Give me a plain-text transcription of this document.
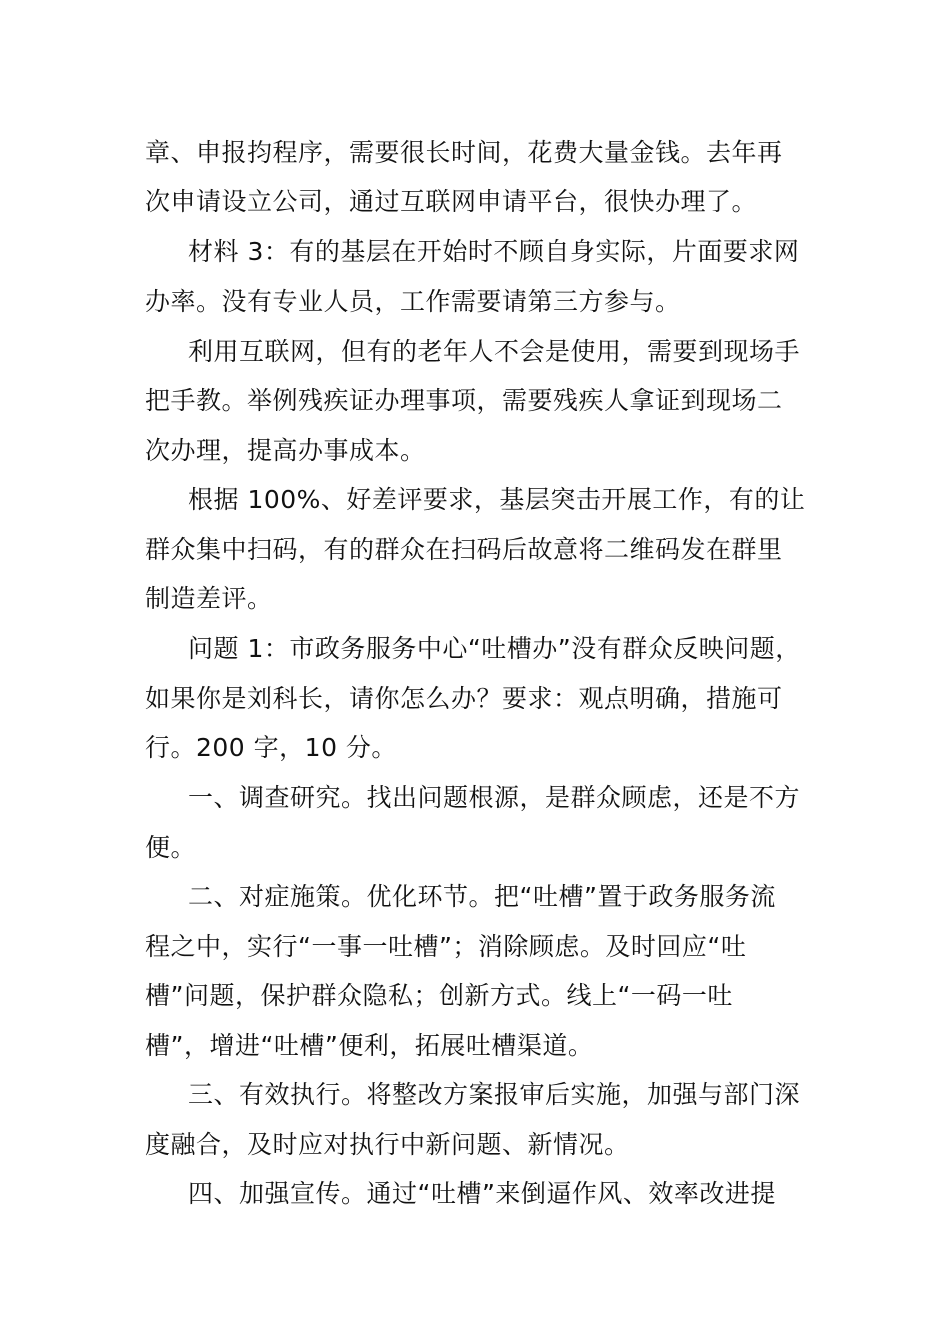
章、申报抣程序，需要很长时间，花费大量金钱。去年再
次申请设立公司，通过互联网申请平台，很快办理了。
材料 3：有的基层在开始时不顾自身实际，片面要求网
办率。没有专业人员，工作需要请第三方参与。
利用互联网，但有的老年人不会是使用，需要到现场手
把手教。举例残疾证办理事项，需要残疾人拿证到现场二
次办理，提高办事成本。
根据 100%、好差评要求，基层突击开展工作，有的让
群众集中扫码，有的群众在扫码后故意将二维码发在群里
制造差评。
问题 1：市政务服务中心“吐槽办”没有群众反映问题，
如果你是刘科长，请你怎么办？要求：观点明确，措施可
行。200 字，10 分。
一、调查研究。找出问题根源，是群众顾虑，还是不方
便。
二、对症施策。优化环节。把“吐槽”置于政务服务流
程之中，实行“一事一吐槽”；消除顾虑。及时回应“吐
槽”问题，保护群众隐私；创新方式。线上“一码一吐
槽”，增进“吐槽”便利，拓展吐槽渠道。
三、有效执行。将整改方案报审后实施，加强与部门深
度融合，及时应对执行中新问题、新情况。
四、加强宣传。通过“吐槽”来倒逼作风、效率改进提
